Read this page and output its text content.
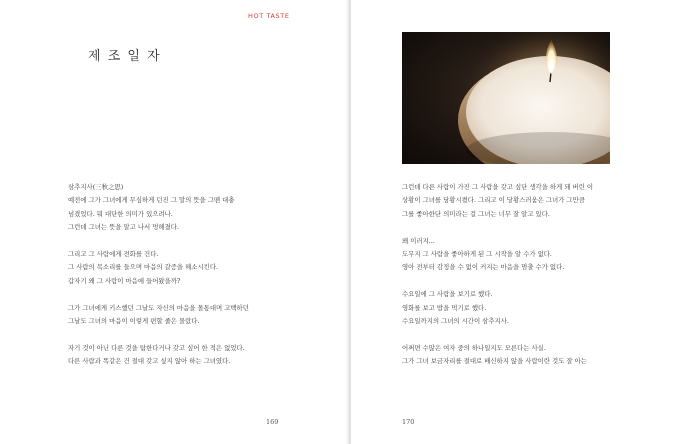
제 조 일 자

삼추지사(三秋之思)
예전에 그가 그녀에게 무심하게 던진 그 말의 뜻을 그땐 대충
넘겼었다. 뭐 대단한 의미가 있으려나.
그런데 그녀는 뜻을 알고 나서 멍해졌다.

그리고 그 사람에게 전화를 건다.
그 사람의 목소리를 들으며 마음의 갈증을 해소시킨다.
갑자기 왜 그 사람이 마음에 들어왔을까?

그가 그녀에게 키스했던 그날도 자신의 마음을 몰통대며 고백하던
그날도 그녀의 마음이 이렇게 편할 줄은 몰랐다.

자기 것이 아닌 다른 것을 탐한다거나 갖고 싶어 한 적은 없었다.
다른 사람과 똑같은 건 절대 갖고 싶지 않아 하는 그녀였다.

169
HOT TASTE

그런데 다른 사람이 가진 그 사람을 갖고 싶단 생각을 하게 돼 버린 이
상황이 그녀를 당황시켰다. 그리고 이 당황스러움은 그녀가 그만큼
그를 좋아한단 의미라는 걸 그녀는 너무 잘 알고 있다.

왜 이러지...
도무지 그 사람을 좋아하게 된 그 시작을 알 수가 없다.
영아 전부터 감정을 수 없이 커지는 마음을 멈출 수가 없다.

수요일에 그 사람을 보기로 했다.
영화를 보고 밥을 먹기로 했다.
수요일까지의 그녀의 시간이 삼추지사.

어쩌면 수많은 여자 중의 하나일지도 모른다는 사실.
그가 그녀 보금자리를 절대로 배신하지 않을 사람이란 것도 잘 아는

170
